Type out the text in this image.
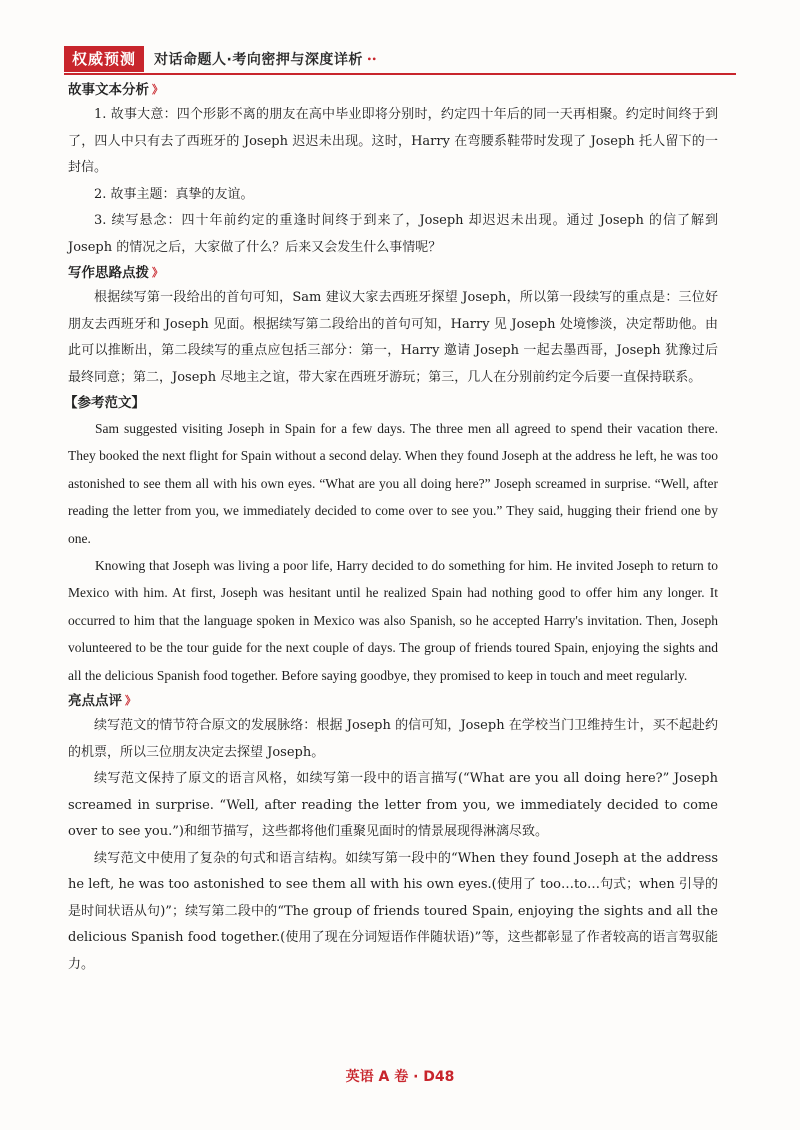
权威预测	对话命题人·考向密押与深度详析 ∙∙
故事文本分析 》

1. 故事大意：四个形影不离的朋友在高中毕业即将分别时，约定四十年后的同一天再相聚。约定时间终于到了，四人中只有去了西班牙的 Joseph 迟迟未出现。这时，Harry 在弯腰系鞋带时发现了 Joseph 托人留下的一封信。

2. 故事主题：真挚的友谊。

3. 续写悬念：四十年前约定的重逢时间终于到来了，Joseph 却迟迟未出现。通过 Joseph 的信了解到 Joseph 的情况之后，大家做了什么？后来又会发生什么事情呢？

写作思路点拨 》

根据续写第一段给出的首句可知，Sam 建议大家去西班牙探望 Joseph，所以第一段续写的重点是：三位好朋友去西班牙和 Joseph 见面。根据续写第二段给出的首句可知，Harry 见 Joseph 处境惨淡，决定帮助他。由此可以推断出，第二段续写的重点应包括三部分：第一，Harry 邀请 Joseph 一起去墨西哥，Joseph 犹豫过后最终同意；第二，Joseph 尽地主之谊，带大家在西班牙游玩；第三，几人在分别前约定今后要一直保持联系。

【参考范文】

Sam suggested visiting Joseph in Spain for a few days. The three men all agreed to spend their vacation there. They booked the next flight for Spain without a second delay. When they found Joseph at the address he left, he was too astonished to see them all with his own eyes. “What are you all doing here?” Joseph screamed in surprise. “Well, after reading the letter from you, we immediately decided to come over to see you.” They said, hugging their friend one by one.

Knowing that Joseph was living a poor life, Harry decided to do something for him. He invited Joseph to return to Mexico with him. At first, Joseph was hesitant until he realized Spain had nothing good to offer him any longer. It occurred to him that the language spoken in Mexico was also Spanish, so he accepted Harry's invitation. Then, Joseph volunteered to be the tour guide for the next couple of days. The group of friends toured Spain, enjoying the sights and all the delicious Spanish food together. Before saying goodbye, they promised to keep in touch and meet regularly.

亮点点评 》

续写范文的情节符合原文的发展脉络：根据 Joseph 的信可知，Joseph 在学校当门卫维持生计，买不起赴约的机票，所以三位朋友决定去探望 Joseph。

续写范文保持了原文的语言风格，如续写第一段中的语言描写(“What are you all doing here?” Joseph screamed in surprise. “Well, after reading the letter from you, we immediately decided to come over to see you.”)和细节描写，这些都将他们重聚见面时的情景展现得淋漓尽致。

续写范文中使用了复杂的句式和语言结构。如续写第一段中的“When they found Joseph at the address he left, he was too astonished to see them all with his own eyes.(使用了 too…to…句式；when 引导的是时间状语从句)”；续写第二段中的“The group of friends toured Spain, enjoying the sights and all the delicious Spanish food together.(使用了现在分词短语作伴随状语)”等，这些都彰显了作者较高的语言驾驭能力。

英语 A 卷 · D48
